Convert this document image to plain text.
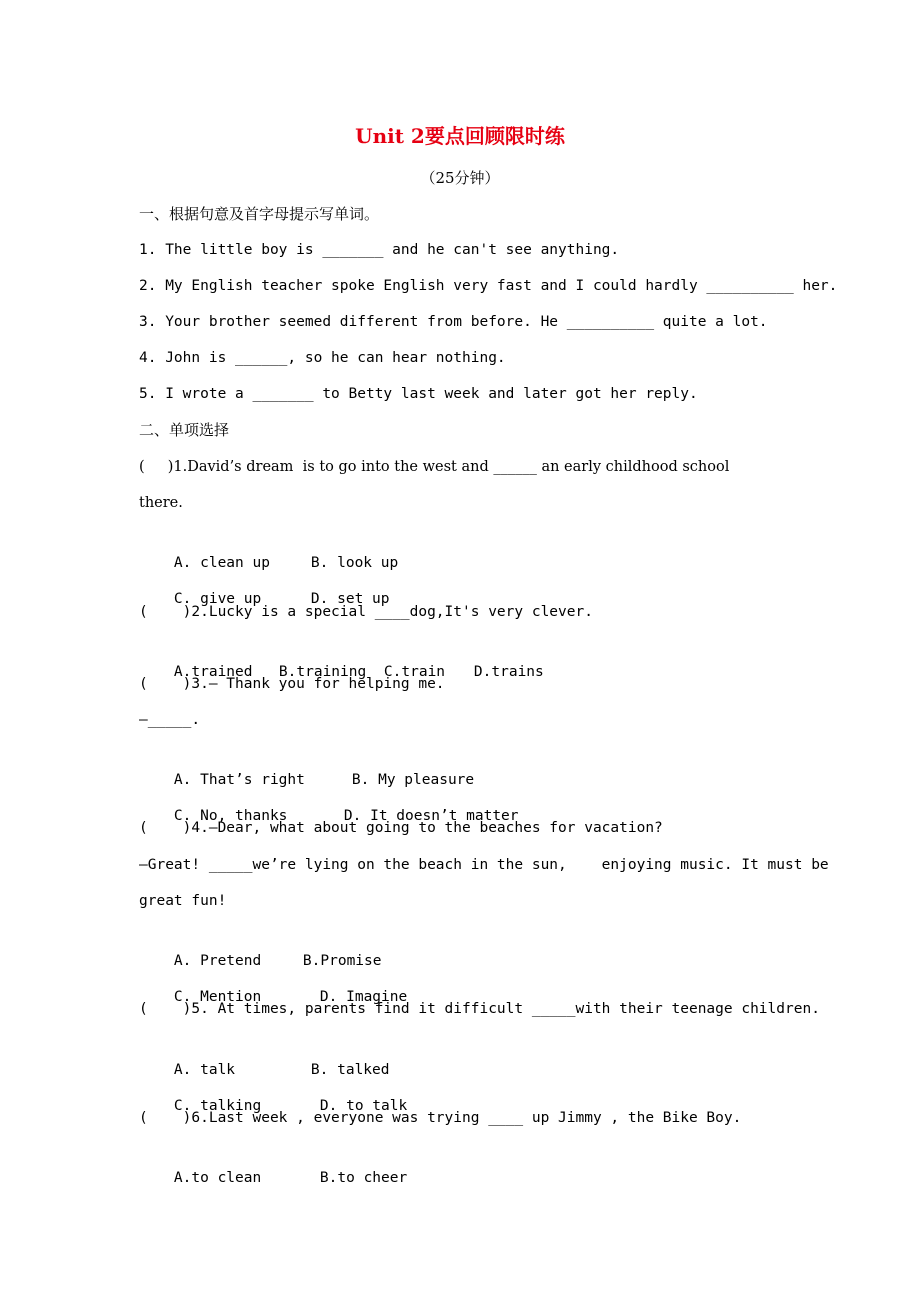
Unit 2要点回顾限时练
（25分钟）
一、根据句意及首字母提示写单词。
1. The little boy is _______ and he can't see anything.
2. My English teacher spoke English very fast and I could hardly __________ her.
3. Your brother seemed different from before. He __________ quite a lot.
4. John is ______, so he can hear nothing.
5. I wrote a _______ to Betty last week and later got her reply.
二、单项选择
(     )1.David’s dream  is to go into the west and ______ an early childhood school
there.

A. clean up	B. look up

C. give up	D. set up

(    )2.Lucky is a special ____dog,It's very clever.

A.trained B.training C.train D.trains

(    )3.— Thank you for helping me.
—_____.

A. That’s right	B. My pleasure

C. No, thanks	D. It doesn’t matter

(    )4.—Dear, what about going to the beaches for vacation?
—Great! _____we’re lying on the beach in the sun,    enjoying music. It must be
great fun!

A. Pretend	B.Promise

C. Mention	D. Imagine

(    )5. At times, parents find it difficult _____with their teenage children.

A. talk	B. talked

C. talking	D. to talk

(    )6.Last week , everyone was trying ____ up Jimmy , the Bike Boy.

A.to clean	B.to cheer
